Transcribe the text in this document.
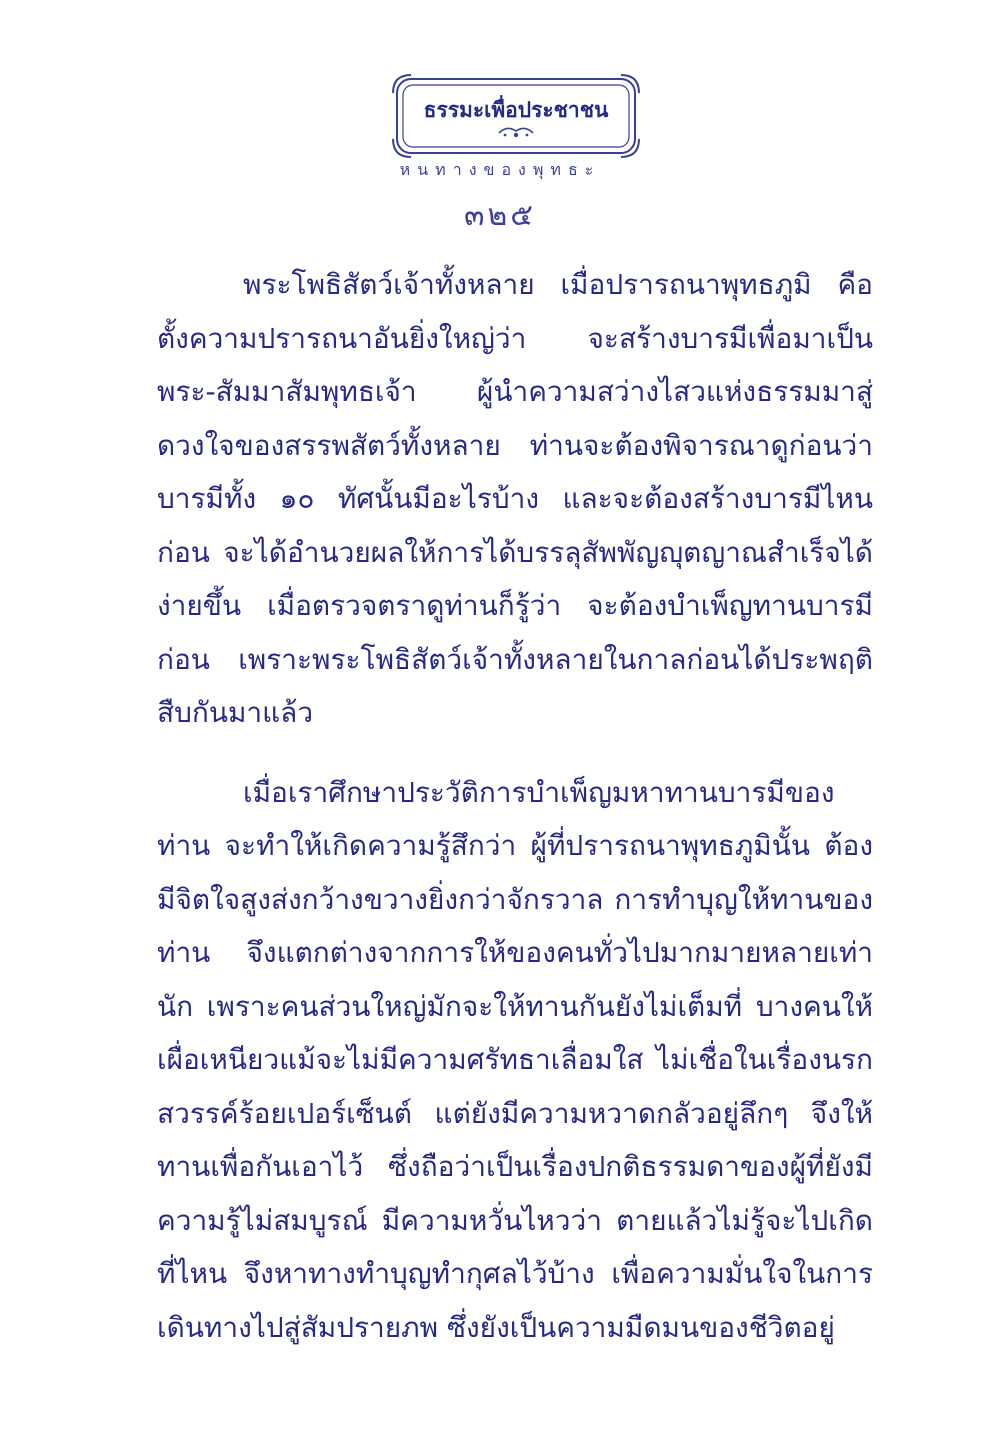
ธรรมะเพื่อประชาชน
หนทางของพุทธะ
๓๒๕

พระโพธิสัตว์เจ้าทั้งหลาย เมื่อปรารถนาพุทธภูมิ คือ ตั้งความปรารถนาอันยิ่งใหญ่ว่า จะสร้างบารมีเพื่อมาเป็นพระ-สัมมาสัมพุทธเจ้า ผู้นำความสว่างไสวแห่งธรรมมาสู่ดวงใจของสรรพสัตว์ทั้งหลาย ท่านจะต้องพิจารณาดูก่อนว่า บารมีทั้ง ๑๐ ทัศนั้นมีอะไรบ้าง และจะต้องสร้างบารมีไหนก่อน จะได้อำนวยผลให้การได้บรรลุสัพพัญญุตญาณสำเร็จได้ง่ายขึ้น เมื่อตรวจตราดูท่านก็รู้ว่า จะต้องบำเพ็ญทานบารมีก่อน เพราะพระโพธิสัตว์เจ้าทั้งหลายในกาลก่อนได้ประพฤติสืบกันมาแล้ว

เมื่อเราศึกษาประวัติการบำเพ็ญมหาทานบารมีของท่าน จะทำให้เกิดความรู้สึกว่า ผู้ที่ปรารถนาพุทธภูมินั้น ต้องมีจิตใจสูงส่งกว้างขวางยิ่งกว่าจักรวาล การทำบุญให้ทานของท่าน จึงแตกต่างจากการให้ของคนทั่วไปมากมายหลายเท่านัก เพราะคนส่วนใหญ่มักจะให้ทานกันยังไม่เต็มที่ บางคนให้เผื่อเหนียวแม้จะไม่มีความศรัทธาเลื่อมใส ไม่เชื่อในเรื่องนรกสวรรค์ร้อยเปอร์เซ็นต์ แต่ยังมีความหวาดกลัวอยู่ลึกๆ จึงให้ทานเพื่อกันเอาไว้ ซึ่งถือว่าเป็นเรื่องปกติธรรมดาของผู้ที่ยังมีความรู้ไม่สมบูรณ์ มีความหวั่นไหวว่า ตายแล้วไม่รู้จะไปเกิดที่ไหน จึงหาทางทำบุญทำกุศลไว้บ้าง เพื่อความมั่นใจในการเดินทางไปสู่สัมปรายภพ ซึ่งยังเป็นความมืดมนของชีวิตอยู่
